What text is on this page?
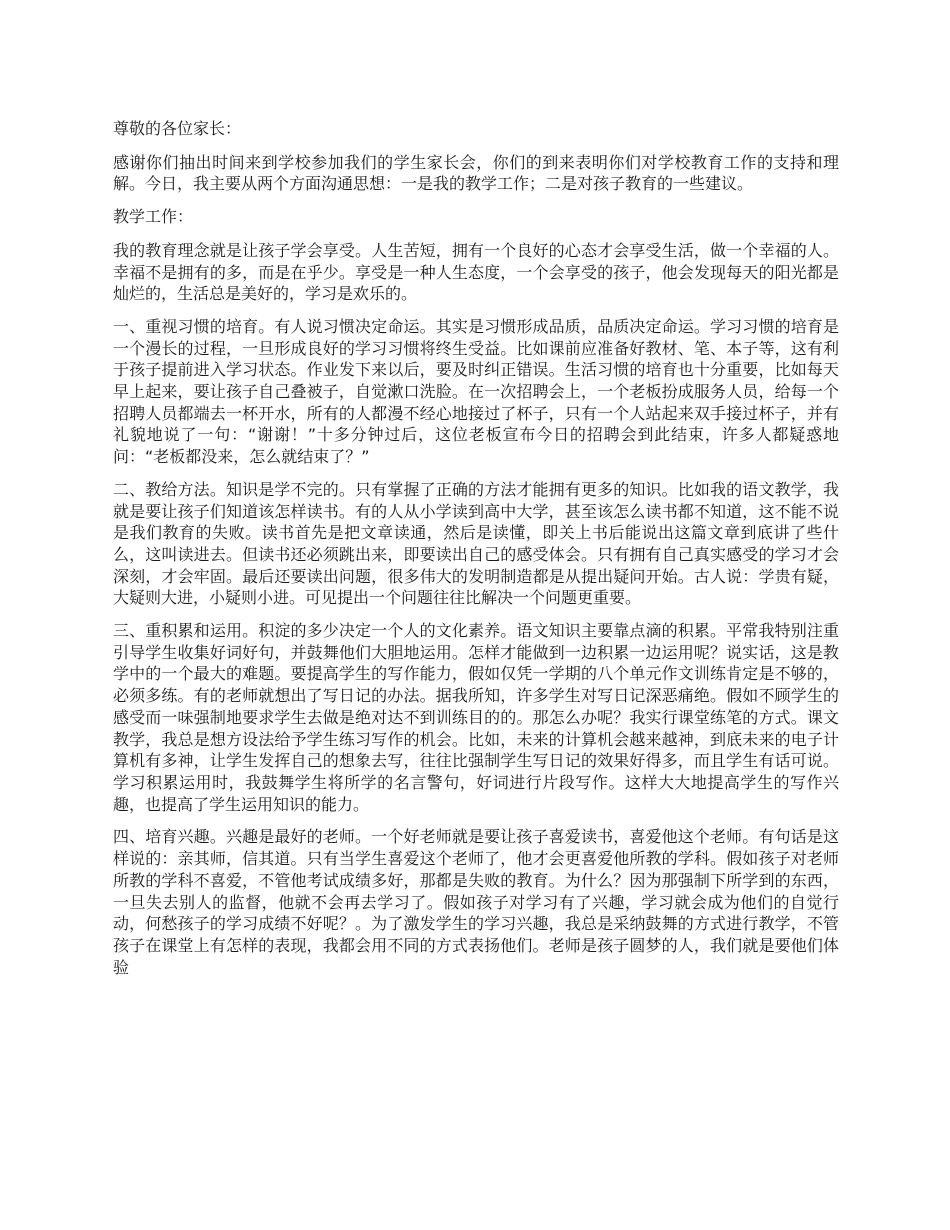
尊敬的各位家长：

感谢你们抽出时间来到学校参加我们的学生家长会，你们的到来表明你们对学校教育工作的支持和理解。今日，我主要从两个方面沟通思想：一是我的教学工作；二是对孩子教育的一些建议。

教学工作：

我的教育理念就是让孩子学会享受。人生苦短，拥有一个良好的心态才会享受生活，做一个幸福的人。幸福不是拥有的多，而是在乎少。享受是一种人生态度，一个会享受的孩子，他会发现每天的阳光都是灿烂的，生活总是美好的，学习是欢乐的。

一、重视习惯的培育。有人说习惯决定命运。其实是习惯形成品质，品质决定命运。学习习惯的培育是一个漫长的过程，一旦形成良好的学习习惯将终生受益。比如课前应准备好教材、笔、本子等，这有利于孩子提前进入学习状态。作业发下来以后，要及时纠正错误。生活习惯的培育也十分重要，比如每天早上起来，要让孩子自己叠被子，自觉漱口洗脸。在一次招聘会上，一个老板扮成服务人员，给每一个招聘人员都端去一杯开水，所有的人都漫不经心地接过了杯子，只有一个人站起来双手接过杯子，并有礼貌地说了一句：“谢谢！”十多分钟过后，这位老板宣布今日的招聘会到此结束，许多人都疑惑地问：“老板都没来，怎么就结束了？”

二、教给方法。知识是学不完的。只有掌握了正确的方法才能拥有更多的知识。比如我的语文教学，我就是要让孩子们知道该怎样读书。有的人从小学读到高中大学，甚至该怎么读书都不知道，这不能不说是我们教育的失败。读书首先是把文章读通，然后是读懂，即关上书后能说出这篇文章到底讲了些什么，这叫读进去。但读书还必须跳出来，即要读出自己的感受体会。只有拥有自己真实感受的学习才会深刻，才会牢固。最后还要读出问题，很多伟大的发明制造都是从提出疑问开始。古人说：学贵有疑，大疑则大进，小疑则小进。可见提出一个问题往往比解决一个问题更重要。

三、重积累和运用。积淀的多少决定一个人的文化素养。语文知识主要靠点滴的积累。平常我特别注重引导学生收集好词好句，并鼓舞他们大胆地运用。怎样才能做到一边积累一边运用呢？说实话，这是教学中的一个最大的难题。要提高学生的写作能力，假如仅凭一学期的八个单元作文训练肯定是不够的，必须多练。有的老师就想出了写日记的办法。据我所知，许多学生对写日记深恶痛绝。假如不顾学生的感受而一味强制地要求学生去做是绝对达不到训练目的的。那怎么办呢？我实行课堂练笔的方式。课文教学，我总是想方设法给予学生练习写作的机会。比如，未来的计算机会越来越神，到底未来的电子计算机有多神，让学生发挥自己的想象去写，往往比强制学生写日记的效果好得多，而且学生有话可说。学习积累运用时，我鼓舞学生将所学的名言警句，好词进行片段写作。这样大大地提高学生的写作兴趣，也提高了学生运用知识的能力。

四、培育兴趣。兴趣是最好的老师。一个好老师就是要让孩子喜爱读书，喜爱他这个老师。有句话是这样说的：亲其师，信其道。只有当学生喜爱这个老师了，他才会更喜爱他所教的学科。假如孩子对老师所教的学科不喜爱，不管他考试成绩多好，那都是失败的教育。为什么？因为那强制下所学到的东西，一旦失去别人的监督，他就不会再去学习了。假如孩子对学习有了兴趣，学习就会成为他们的自觉行动，何愁孩子的学习成绩不好呢？。为了激发学生的学习兴趣，我总是采纳鼓舞的方式进行教学，不管孩子在课堂上有怎样的表现，我都会用不同的方式表扬他们。老师是孩子圆梦的人，我们就是要他们体验
